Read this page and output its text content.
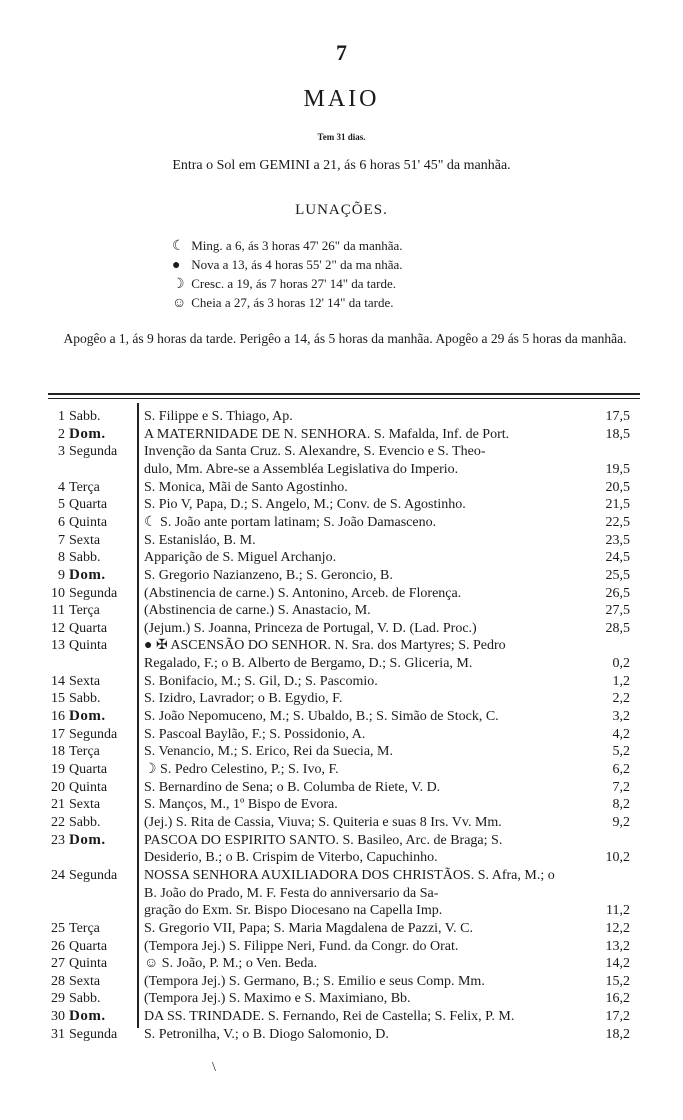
7
MAIO
Tem 31 dias.
Entra o Sol em GEMINI a 21, ás 6 horas 51' 45" da manhãa.
LUNAÇÕES.
☾ Ming. a 6, ás 3 horas 47' 26" da manhãa.
● Nova a 13, ás 4 horas 55' 2" da ma nhãa.
☽ Cresc. a 19, ás 7 horas 27' 14" da tarde.
☺ Cheia a 27, ás 3 horas 12' 14" da tarde.
Apogêo a 1, ás 9 horas da tarde. Perigêo a 14, ás 5 horas da manhãa. Apogêo a 29 ás 5 horas da manhãa.
1 Sabb.	S. Filippe e S. Thiago, Ap.	17,5
2 Dom.	A MATERNIDADE DE N. SENHORA. S. Mafalda, Inf. de Port.	18,5
3 Segunda	Invenção da Santa Cruz. S. Alexandre, S. Evencio e S. Theo-
dulo, Mm. Abre-se a Assembléa Legislativa do Imperio.	19,5
4 Terça	S. Monica, Mãi de Santo Agostinho.	20,5
5 Quarta	S. Pio V, Papa, D.; S. Angelo, M.; Conv. de S. Agostinho.	21,5
6 Quinta	☾ S. João ante portam latinam; S. João Damasceno.	22,5
7 Sexta	S. Estanisláo, B. M.	23,5
8 Sabb.	Apparição de S. Miguel Archanjo.	24,5
9 Dom.	S. Gregorio Nazianzeno, B.; S. Geroncio, B.	25,5
10 Segunda	(Abstinencia de carne.) S. Antonino, Arceb. de Florença.	26,5
11 Terça	(Abstinencia de carne.) S. Anastacio, M.	27,5
12 Quarta	(Jejum.) S. Joanna, Princeza de Portugal, V. D. (Lad. Proc.)	28,5
13 Quinta	● ✠ ASCENSÃO DO SENHOR. N. Sra. dos Martyres; S. Pedro
Regalado, F.; o B. Alberto de Bergamo, D.; S. Gliceria, M.	0,2
14 Sexta	S. Bonifacio, M.; S. Gil, D.; S. Pascomio.	1,2
15 Sabb.	S. Izidro, Lavrador; o B. Egydio, F.	2,2
16 Dom.	S. João Nepomuceno, M.; S. Ubaldo, B.; S. Simão de Stock, C.	3,2
17 Segunda	S. Pascoal Baylão, F.; S. Possidonio, A.	4,2
18 Terça	S. Venancio, M.; S. Erico, Rei da Suecia, M.	5,2
19 Quarta	☽ S. Pedro Celestino, P.; S. Ivo, F.	6,2
20 Quinta	S. Bernardino de Sena; o B. Columba de Riete, V. D.	7,2
21 Sexta	S. Manços, M., 1º Bispo de Evora.	8,2
22 Sabb.	(Jej.) S. Rita de Cassia, Viuva; S. Quiteria e suas 8 Irs. Vv. Mm.	9,2
23 Dom.	PASCOA DO ESPIRITO SANTO. S. Basileo, Arc. de Braga; S.
Desiderio, B.; o B. Crispim de Viterbo, Capuchinho.	10,2
24 Segunda	NOSSA SENHORA AUXILIADORA DOS CHRISTÃOS. S. Afra, M.; o
B. João do Prado, M. F. Festa do anniversario da Sa-
gração do Exm. Sr. Bispo Diocesano na Capella Imp.	11,2
25 Terça	S. Gregorio VII, Papa; S. Maria Magdalena de Pazzi, V. C.	12,2
26 Quarta	(Tempora Jej.) S. Filippe Neri, Fund. da Congr. do Orat.	13,2
27 Quinta	☺ S. João, P. M.; o Ven. Beda.	14,2
28 Sexta	(Tempora Jej.) S. Germano, B.; S. Emilio e seus Comp. Mm.	15,2
29 Sabb.	(Tempora Jej.) S. Maximo e S. Maximiano, Bb.	16,2
30 Dom.	DA SS. TRINDADE. S. Fernando, Rei de Castella; S. Felix, P. M.	17,2
31 Segunda	S. Petronilha, V.; o B. Diogo Salomonio, D.	18,2
\
